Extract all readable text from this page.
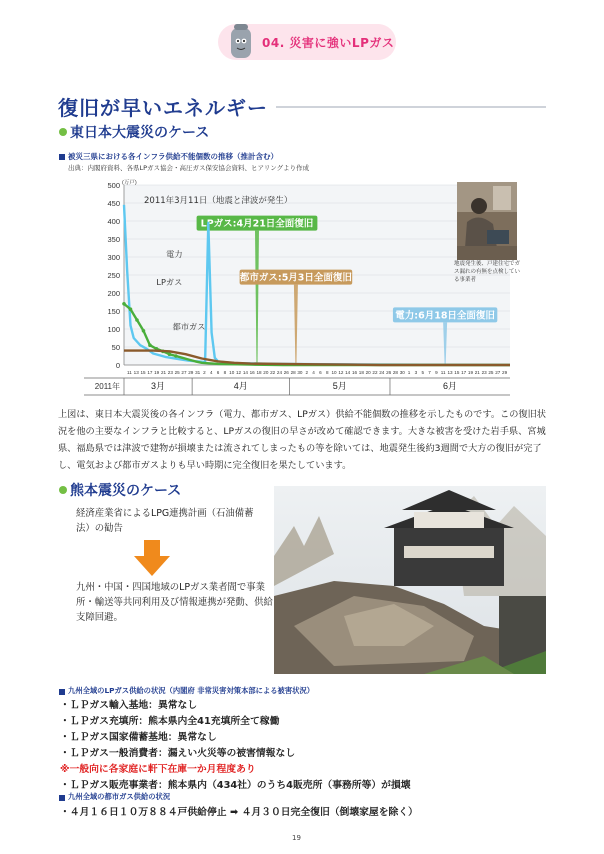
04. 災害に強いLPガス
復旧が早いエネルギー
東日本大震災のケース
被災三県における各インフラ供給不能個数の推移（推計含む）
出典：内閣府資料、各県LPガス協会・高圧ガス保安協会資料、ヒアリングより作成
0
50
100
150
200
250
300
350
400
450
500 (万戸)
2011年3月11日（地震と津波が発生）
11 13 15 17 19 21 23 25 27 29 31 2 4 6 8 10 12 14 16 18 20 22 24 26 28 30 2 4 6 8 10 12 14 16 18 20 22 24 26 28 30 1 3 5 7 9 11 13 15 17 19 21 23 25 27 29
2011年	3月	4月	5月	6月
LPガス:4月21日全面復旧
都市ガス:5月3日全面復旧
電力:6月18日全面復旧
電力
LPガス
都市ガス
地震発生後、戸建住宅でガス漏れの有無を点検している事業者
上図は、東日本大震災後の各インフラ（電力、都市ガス、LPガス）供給不能個数の推移を示したものです。この復旧状況を他の主要なインフラと比較すると、LPガスの復旧の早さが改めて確認できます。大きな被害を受けた岩手県、宮城県、福島県では津波で建物が損壊または流されてしまったもの等を除いては、地震発生後約3週間で大方の復旧が完了し、電気および都市ガスよりも早い時期に完全復旧を果たしています。
熊本震災のケース
経済産業省によるLPG連携計画（石油備蓄法）の勧告
九州・中国・四国地域のLPガス業者間で事業所・輸送等共同利用及び情報連携が発動、供給支障回避。
九州全域のLPガス供給の状況（内閣府 非常災害対策本部による被害状況）
・ＬＰガス輸入基地：異常なし
・ＬＰガス充填所：熊本県内全41充填所全て稼働
・ＬＰガス国家備蓄基地：異常なし
・ＬＰガス一般消費者：漏えい火災等の被害情報なし
※一般向に各家庭に軒下在庫一か月程度あり
・ＬＰガス販売事業者：熊本県内（434社）のうち4販売所（事務所等）が損壊
九州全域の都市ガス供給の状況
・４月１６日１０万８８４戸供給停止 ➡ ４月３０日完全復旧（倒壊家屋を除く）
19
